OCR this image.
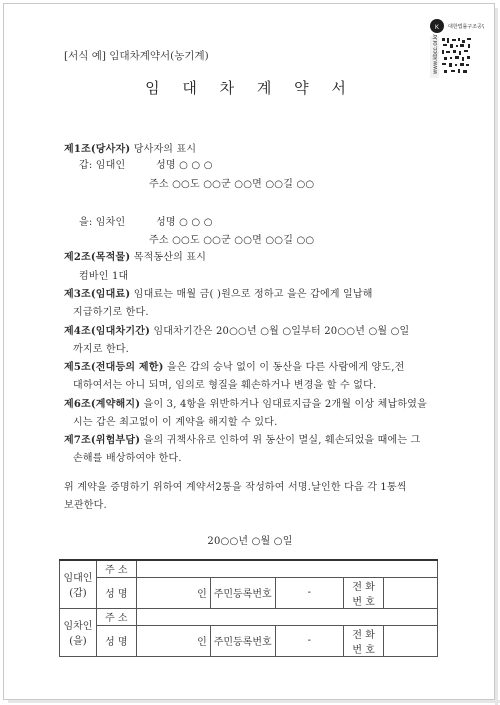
K 대한법률구조공단
www.kbcc.or.kr
[서식 예] 임대차계약서(농기계)
임 대 차 계 약 서
제1조(당사자) 당사자의 표시
갑: 임대인	성명 ○ ○ ○
주소 ○○도 ○○군 ○○면 ○○길 ○○
을: 임차인	성명 ○ ○ ○
주소 ○○도 ○○군 ○○면 ○○길 ○○
제2조(목적물) 목적동산의 표시
컴바인 1대
제3조(임대료) 임대료는 매월 금( )원으로 정하고 을은 갑에게 일납해
지급하기로 한다.
제4조(임대차기간) 임대차기간은 20○○년 ○월 ○일부터 20○○년 ○월 ○일
까지로 한다.
제5조(전대등의 제한) 을은 갑의 승낙 없이 이 동산을 다른 사람에게 양도,전
대하여서는 아니 되며, 임의로 형질을 훼손하거나 변경을 할 수 없다.
제6조(계약해지) 을이 3, 4항을 위반하거나 임대료지급을 2개월 이상 체납하였을
시는 갑은 최고없이 이 계약을 해지할 수 있다.
제7조(위험부담) 을의 귀책사유로 인하여 위 동산이 멸실, 훼손되었을 때에는 그
손해를 배상하여야 한다.
위 계약을 증명하기 위하여 계약서2통을 작성하여 서명.날인한 다음 각 1통씩
보관한다.
20○○년 ○월 ○일
임대인
(갑)	주 소					
	성 명	인	주민등록번호	-	전 화
번 호	

임차인
(을)	주 소					
	성 명	인	주민등록번호	-	전 화
번 호	
